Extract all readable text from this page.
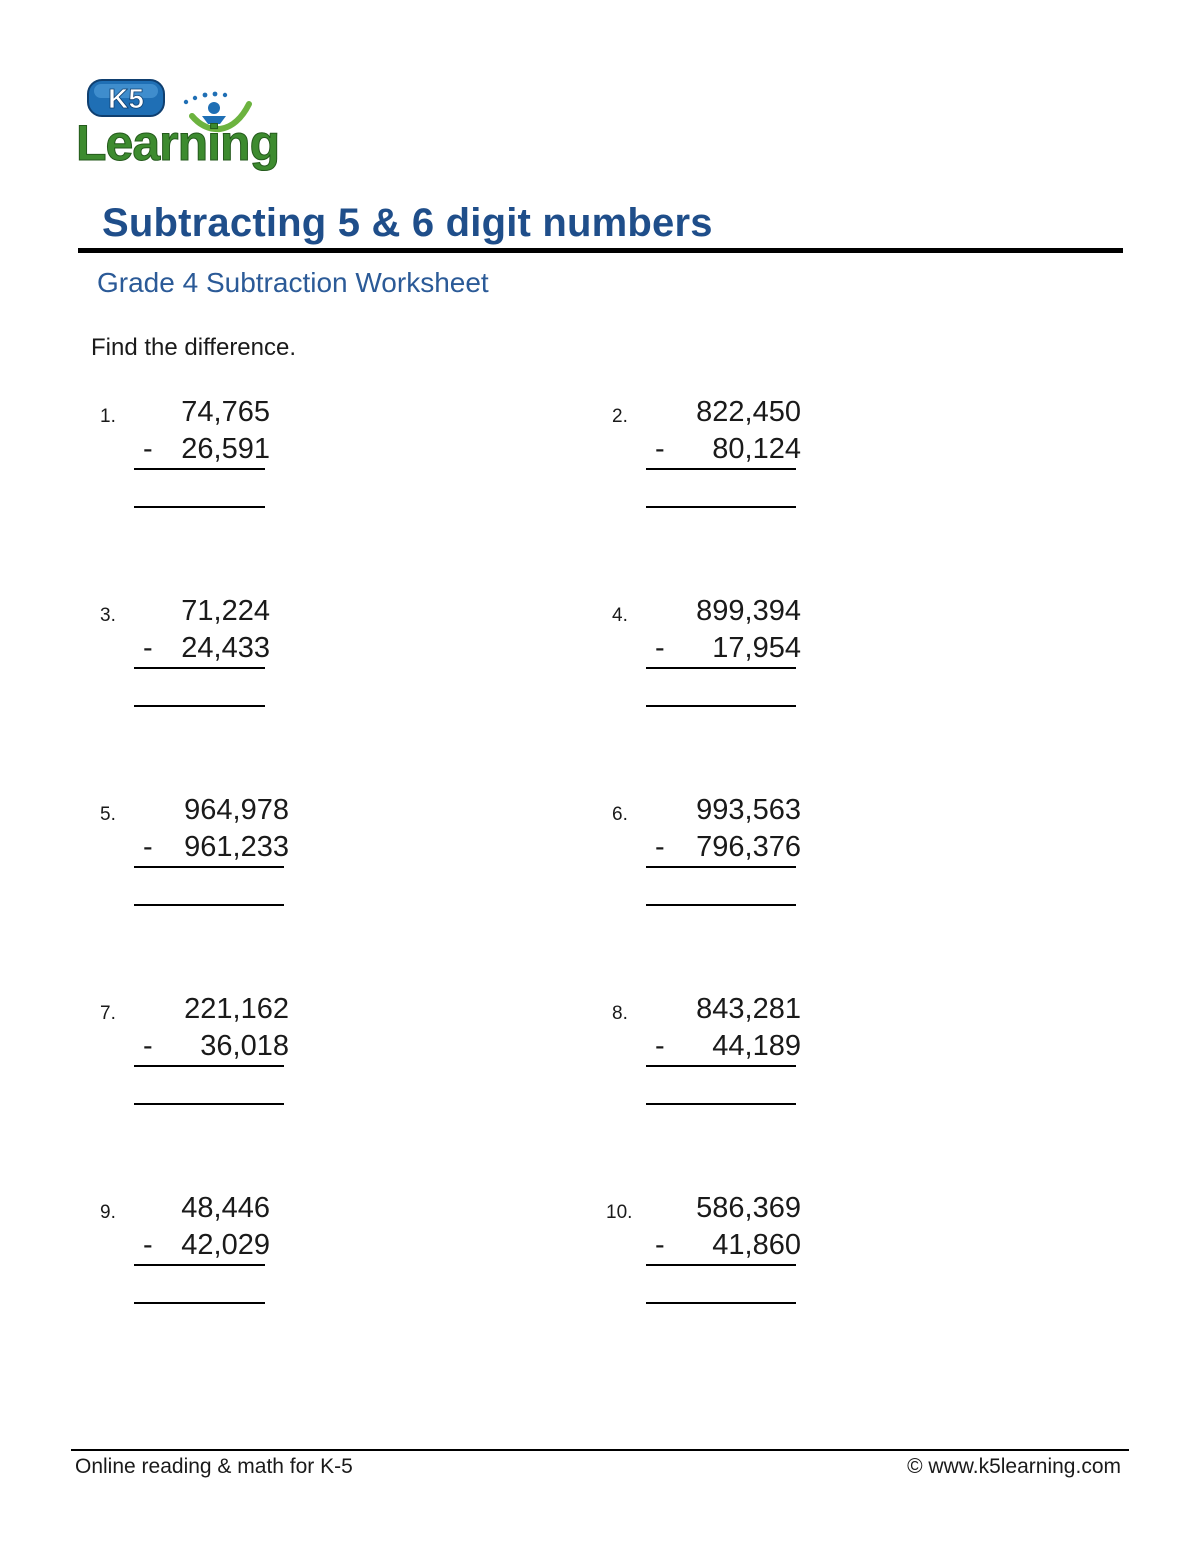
K5
Learning
Subtracting 5 & 6 digit numbers
Grade 4 Subtraction Worksheet
Find the difference.
1.	74,765
- 26,591
2.	822,450
-	80,124
3.	71,224
- 24,433
4.	899,394
-	17,954
5.	964,978
-	961,233
6.	993,563
-	796,376
7.	221,162
-	36,018
8.	843,281
-	44,189
9.	48,446
- 42,029
10.	586,369
-	41,860
Online reading & math for K-5	© www.k5learning.com
